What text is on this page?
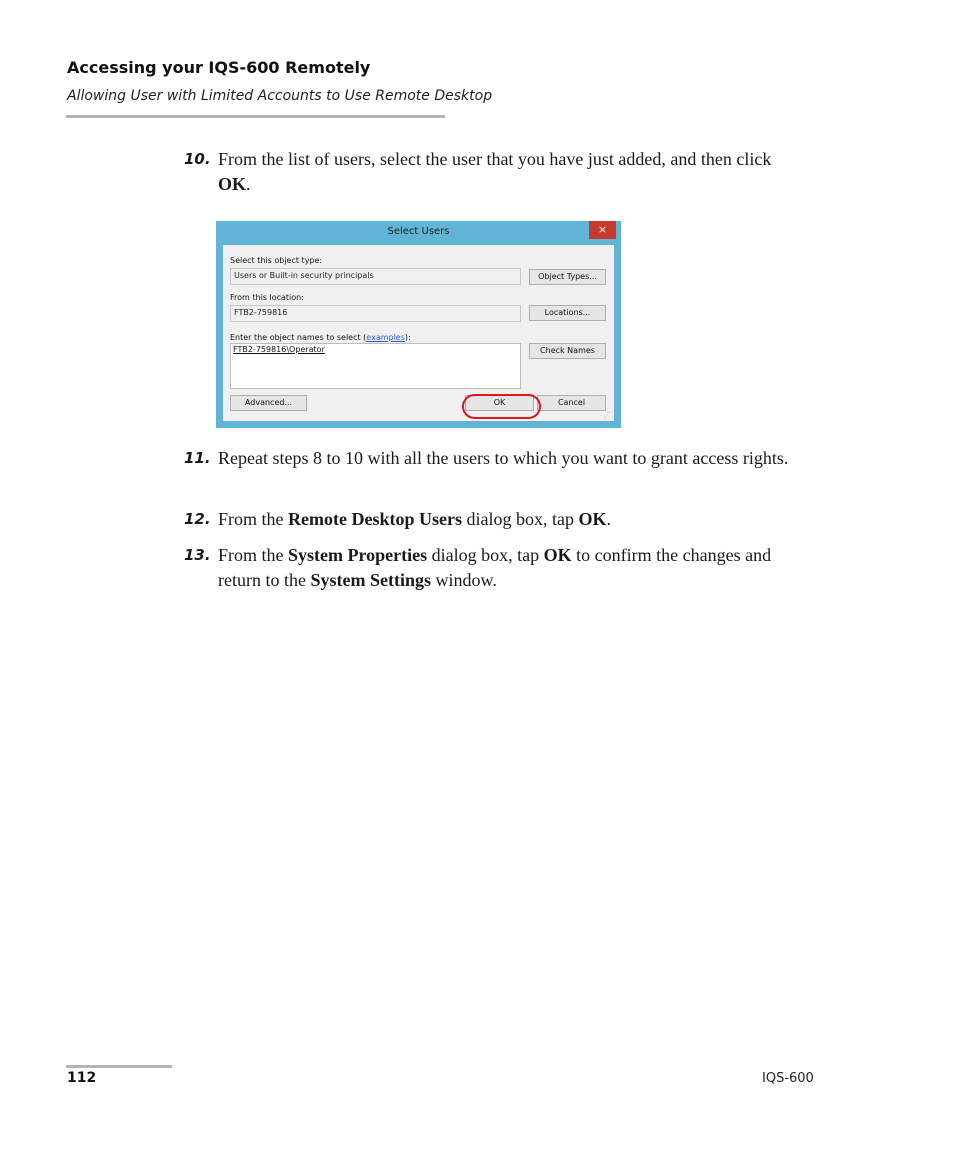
Accessing your IQS-600 Remotely
Allowing User with Limited Accounts to Use Remote Desktop
10. From the list of users, select the user that you have just added, and then click OK.
Select Users	×
Select this object type:
Users or Built-in security principals	Object Types...
From this location:
FTB2-759816	Locations...
Enter the object names to select (examples):
FTB2-759816\Operator	Check Names
Advanced...	OK	Cancel
⋰
11. Repeat steps 8 to 10 with all the users to which you want to grant access rights.
12. From the Remote Desktop Users dialog box, tap OK.
13. From the System Properties dialog box, tap OK to confirm the changes and return to the System Settings window.
112	IQS-600
